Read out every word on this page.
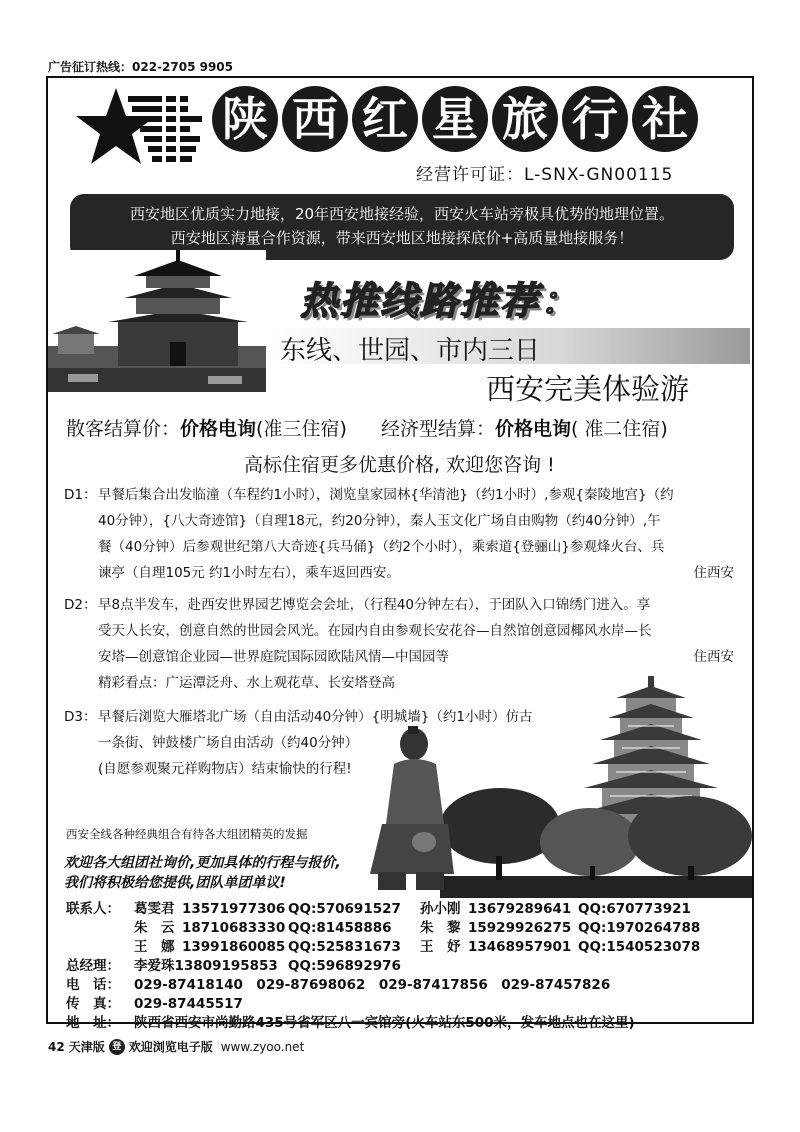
广告征订热线：022-2705 9905
陕 西 红 星 旅 行 社
经营许可证：L-SNX-GN00115
西安地区优质实力地接，20年西安地接经验，西安火车站旁极具优势的地理位置。
西安地区海量合作资源，带来西安地区地接探底价+高质量地接服务！
热推线路推荐：
东线、世园、市内三日
西安完美体验游
散客结算价：价格电询(准三住宿) 经济型结算：价格电询( 准二住宿)
高标住宿更多优惠价格, 欢迎您咨询 !
D1： 早餐后集合出发临潼（车程约1小时），浏览皇家园林{华清池}（约1小时）,参观{秦陵地宫}（约
40分钟），{八大奇迹馆}（自理18元，约20分钟），秦人玉文化广场自由购物（约40分钟）,午
餐（40分钟）后参观世纪第八大奇迹{兵马俑}（约2个小时），乘索道{登骊山}参观烽火台、兵
谏亭（自理105元 约1小时左右），乘车返回西安。	住西安
D2： 早8点半发车，赴西安世界园艺博览会会址，（行程40分钟左右），于团队入口锦绣门进入。享
受天人长安，创意自然的世园会风光。在园内自由参观长安花谷—自然馆创意园椰风水岸—长
安塔—创意馆企业园—世界庭院国际园欧陆风情—中国园等	住西安
精彩看点：广运潭泛舟、水上观花草、长安塔登高
D3： 早餐后浏览大雁塔北广场（自由活动40分钟）{明城墙}（约1小时）仿古
一条街、钟鼓楼广场自由活动（约40分钟）
(自愿参观聚元祥购物店）结束愉快的行程!
西安全线各种经典组合有待各大组团精英的发掘
欢迎各大组团社询价,更加具体的行程与报价,
我们将积极给您提供,团队单团单议!
联系人： 葛雯君 13571977306 QQ:570691527 孙小刚 13679289641 QQ:670773921
朱　云 18710683330 QQ:81458886 朱　黎 15929926275 QQ:1970264788
王　娜 13991860085 QQ:525831673 王　妤 13468957901 QQ:1540523078
总经理： 李爱珠13809195853 QQ:596892976
电　话： 029-87418140　029-87698062　029-87417856　029-87457826
传　真： 029-87445517
地　址： 陕西省西安市尚勤路435号省军区八一宾馆旁(火车站东500米，发车地点也在这里)
42 天津版 登 欢迎浏览电子版 www.zyoo.net
